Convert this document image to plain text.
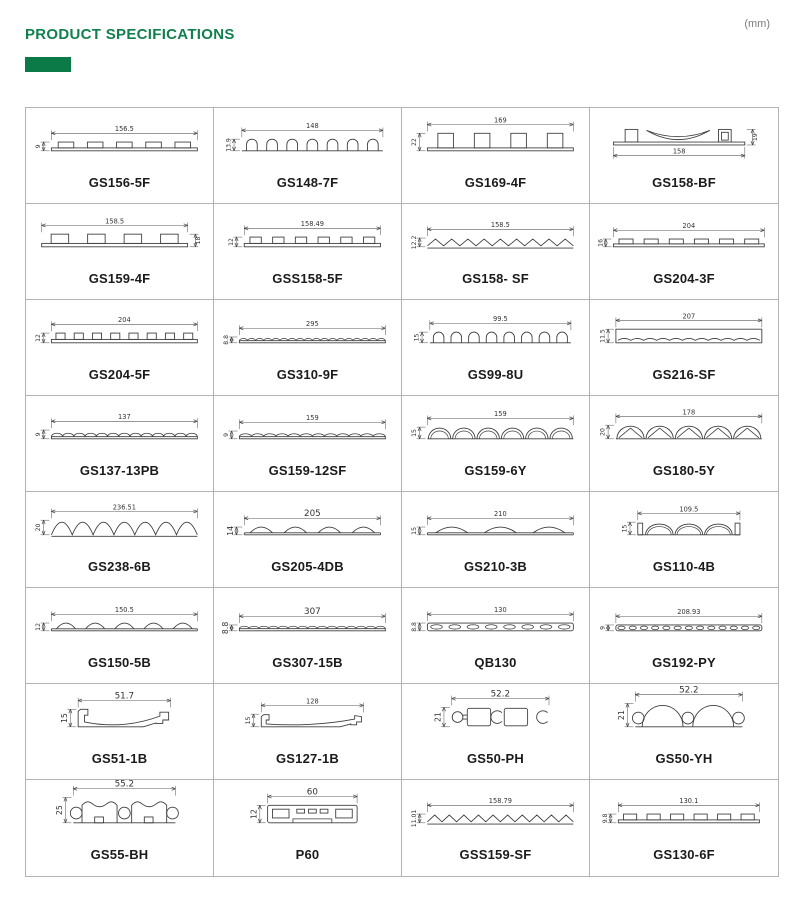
PRODUCT SPECIFICATIONS
(mm)
156.5
9
GS156-5F
148
13.9
GS148-7F
169
22
GS169-4F
158
19
GS158-BF
158.5
18
GS159-4F
158.49
12
GSS158-5F
158.5
12.2
GS158- SF
204
16
GS204-3F
204
12
GS204-5F
295
8.8
GS310-9F
99.5
15
GS99-8U
207
11.5
GS216-SF
137
9
GS137-13PB
159
9
GS159-12SF
159
15
GS159-6Y
178
20
GS180-5Y
236.51
20
GS238-6B
205
14
GS205-4DB
210
15
GS210-3B
109.5
15
GS110-4B
150.5
12
GS150-5B
307
8.8
GS307-15B
130
8.8
QB130
208.93
9
GS192-PY
51.7
15
GS51-1B
128
15
GS127-1B
52.2
21
GS50-PH
52.2
21
GS50-YH
55.2
25
GS55-BH
60
12
P60
158.79
11.01
GSS159-SF
130.1
9.8
GS130-6F
